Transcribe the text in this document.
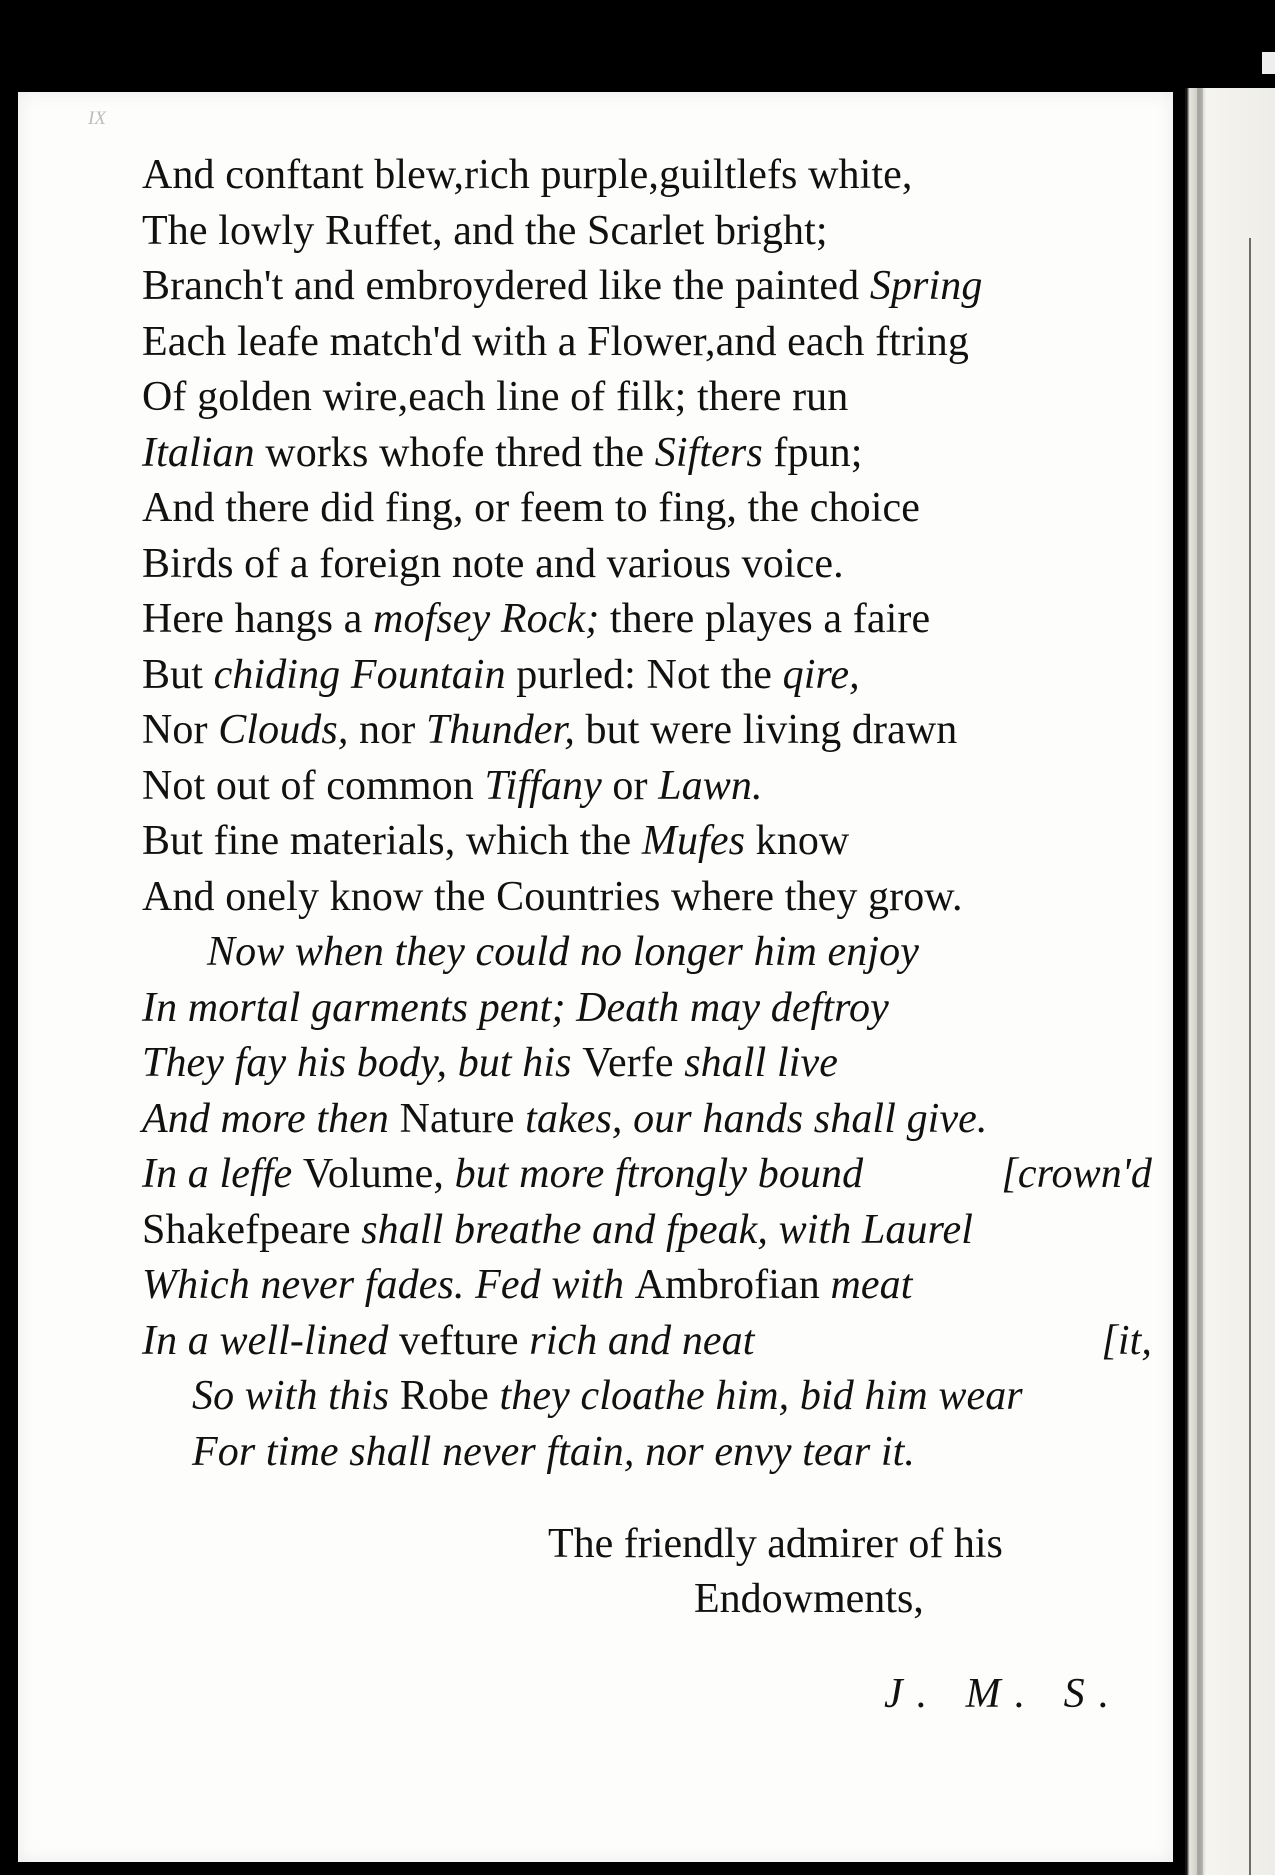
IX
And conftant blew,rich purple,guiltlefs white,
The lowly Ruffet, and the Scarlet bright;
Branch't and embroydered like the painted Spring
Each leafe match'd with a Flower,and each ftring
Of golden wire,each line of filk; there run
Italian works whofe thred the Sifters fpun;
And there did fing, or feem to fing, the choice
Birds of a foreign note and various voice.
Here hangs a mofsey Rock; there playes a faire
But chiding Fountain purled: Not the qire,
Nor Clouds, nor Thunder, but were living drawn
Not out of common Tiffany or Lawn.
But fine materials, which the Mufes know
And onely know the Countries where they grow.
Now when they could no longer him enjoy
In mortal garments pent; Death may deftroy
They fay his body, but his Verfe shall live
And more then Nature takes, our hands shall give.
In a leffe Volume, but more ftrongly bound	[crown'd
Shakefpeare shall breathe and fpeak, with Laurel
Which never fades. Fed with Ambrofian meat
In a well-lined vefture rich and neat	[it,
So with this Robe they cloathe him, bid him wear
For time shall never ftain, nor envy tear it.
The friendly admirer of his
Endowments,
J. M. S.
